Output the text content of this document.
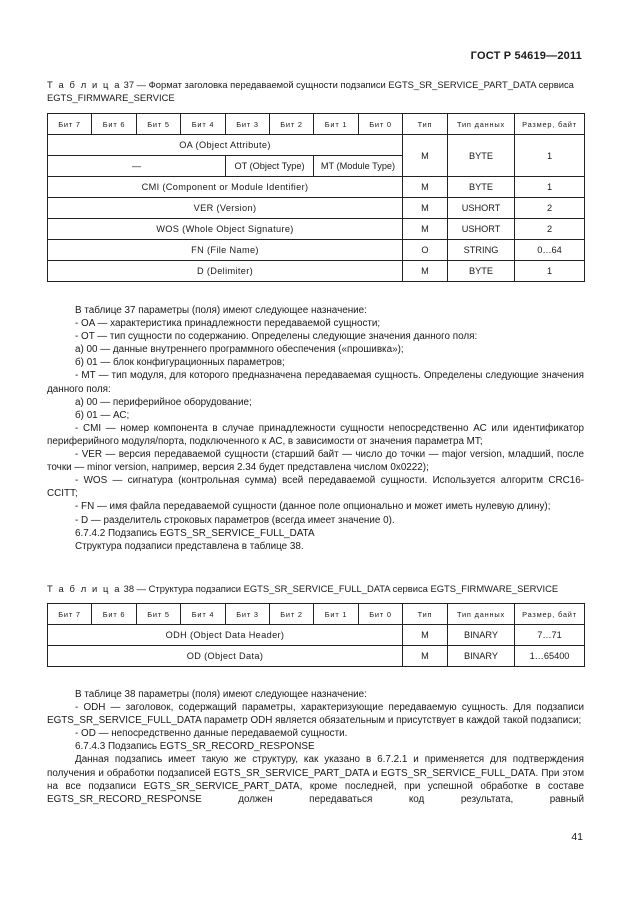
ГОСТ Р 54619—2011
Т а б л и ц а 37 — Формат заголовка передаваемой сущности подзаписи EGTS_SR_SERVICE_PART_DATA сервиса EGTS_FIRMWARE_SERVICE
Бит 7	Бит 6	Бит 5	Бит 4	Бит 3	Бит 2	Бит 1	Бит 0	Тип	Тип данных	Размер, байт
OA (Object Attribute)								M	BYTE	1
—				OT (Object Type)		MT (Module Type)				
CMI (Component or Module Identifier)								M	BYTE	1
VER (Version)								M	USHORT	2
WOS (Whole Object Signature)								M	USHORT	2
FN (File Name)								O	STRING	0…64
D (Delimiter)								M	BYTE	1

В таблице 37 параметры (поля) имеют следующее назначение:

- OA — характеристика принадлежности передаваемой сущности;

- OT — тип сущности по содержанию. Определены следующие значения данного поля:

а) 00 — данные внутреннего программного обеспечения («прошивка»);

б) 01 — блок конфигурационных параметров;

- MT — тип модуля, для которого предназначена передаваемая сущность. Определены следующие значения данного поля:

а) 00 — периферийное оборудование;

б) 01 — АС;

- CMI — номер компонента в случае принадлежности сущности непосредственно АС или идентификатор периферийного модуля/порта, подключенного к АС, в зависимости от значения параметра MT;

- VER — версия передаваемой сущности (старший байт — число до точки — major version, младший, после точки — minor version, например, версия 2.34 будет представлена числом 0x0222);

- WOS — сигнатура (контрольная сумма) всей передаваемой сущности. Используется алгоритм CRC16-CCITT;

- FN — имя файла передаваемой сущности (данное поле опционально и может иметь нулевую длину);

- D — разделитель строковых параметров (всегда имеет значение 0).

6.7.4.2 Подзапись EGTS_SR_SERVICE_FULL_DATA

Структура подзаписи представлена в таблице 38.

Т а б л и ц а 38 — Структура подзаписи EGTS_SR_SERVICE_FULL_DATA сервиса EGTS_FIRMWARE_SERVICE
Бит 7	Бит 6	Бит 5	Бит 4	Бит 3	Бит 2	Бит 1	Бит 0	Тип	Тип данных	Размер, байт
ODH (Object Data Header)								M	BINARY	7…71
OD (Object Data)								M	BINARY	1…65400

В таблице 38 параметры (поля) имеют следующее назначение:

- ODH — заголовок, содержащий параметры, характеризующие передаваемую сущность. Для подзаписи EGTS_SR_SERVICE_FULL_DATA параметр ODH является обязательным и присутствует в каждой такой подзаписи;

- OD — непосредственно данные передаваемой сущности.

6.7.4.3 Подзапись EGTS_SR_RECORD_RESPONSE

Данная подзапись имеет такую же структуру, как указано в 6.7.2.1 и применяется для подтверждения получения и обработки подзаписей EGTS_SR_SERVICE_PART_DATA и EGTS_SR_SERVICE_FULL_DATA. При этом на все подзаписи EGTS_SR_SERVICE_PART_DATA, кроме последней, при успешной обработке в составе EGTS_SR_RECORD_RESPONSE должен передаваться код результата, равный

41
